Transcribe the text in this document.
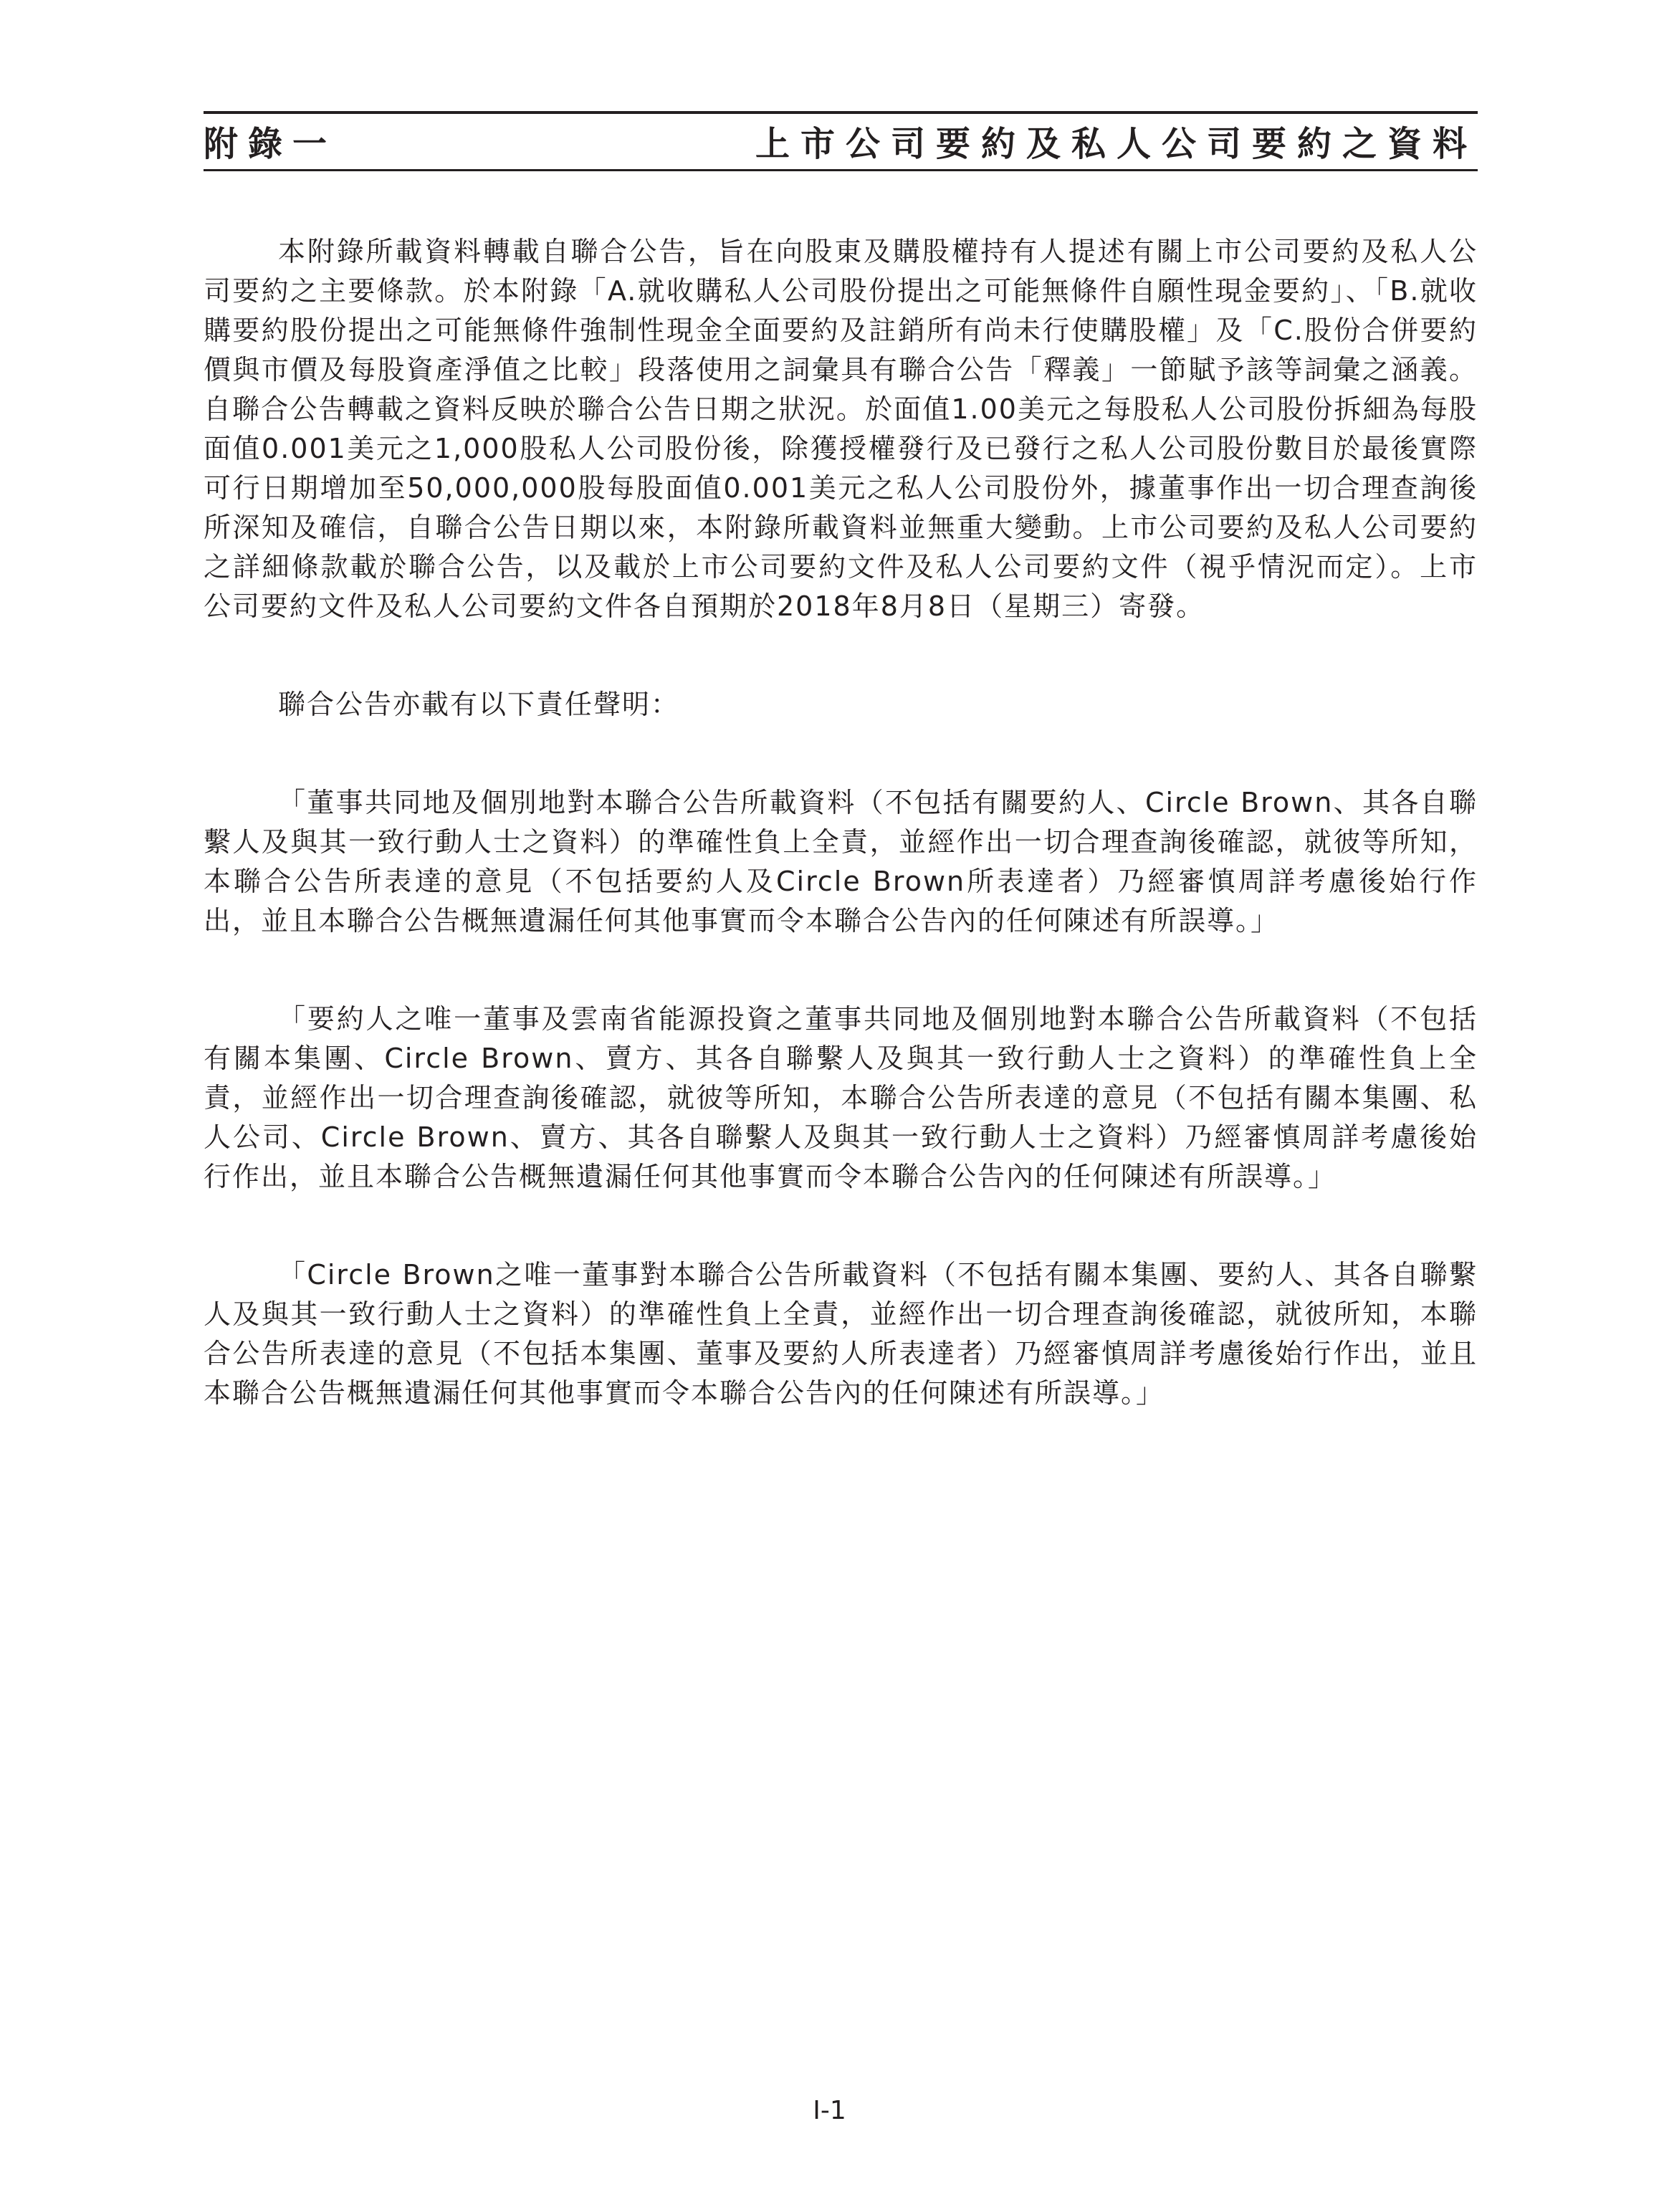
附錄一	上市公司要約及私人公司要約之資料

本附錄所載資料轉載自聯合公告，旨在向股東及購股權持有人提述有關上市公司要約及私人公司要約之主要條款。於本附錄「A.就收購私人公司股份提出之可能無條件自願性現金要約」、「B.就收購要約股份提出之可能無條件強制性現金全面要約及註銷所有尚未行使購股權」及「C.股份合併要約價與市價及每股資產淨值之比較」段落使用之詞彙具有聯合公告「釋義」一節賦予該等詞彙之涵義。自聯合公告轉載之資料反映於聯合公告日期之狀況。於面值1.00美元之每股私人公司股份拆細為每股面值0.001美元之1,000股私人公司股份後，除獲授權發行及已發行之私人公司股份數目於最後實際可行日期增加至50,000,000股每股面值0.001美元之私人公司股份外，據董事作出一切合理查詢後所深知及確信，自聯合公告日期以來，本附錄所載資料並無重大變動。上市公司要約及私人公司要約之詳細條款載於聯合公告，以及載於上市公司要約文件及私人公司要約文件（視乎情況而定）。上市公司要約文件及私人公司要約文件各自預期於2018年8月8日（星期三）寄發。

聯合公告亦載有以下責任聲明：

「董事共同地及個別地對本聯合公告所載資料（不包括有關要約人、Circle Brown、其各自聯繫人及與其一致行動人士之資料）的準確性負上全責，並經作出一切合理查詢後確認，就彼等所知，本聯合公告所表達的意見（不包括要約人及Circle Brown所表達者）乃經審慎周詳考慮後始行作出，並且本聯合公告概無遺漏任何其他事實而令本聯合公告內的任何陳述有所誤導。」

「要約人之唯一董事及雲南省能源投資之董事共同地及個別地對本聯合公告所載資料（不包括有關本集團、Circle Brown、賣方、其各自聯繫人及與其一致行動人士之資料）的準確性負上全責，並經作出一切合理查詢後確認，就彼等所知，本聯合公告所表達的意見（不包括有關本集團、私人公司、Circle Brown、賣方、其各自聯繫人及與其一致行動人士之資料）乃經審慎周詳考慮後始行作出，並且本聯合公告概無遺漏任何其他事實而令本聯合公告內的任何陳述有所誤導。」

「Circle Brown之唯一董事對本聯合公告所載資料（不包括有關本集團、要約人、其各自聯繫人及與其一致行動人士之資料）的準確性負上全責，並經作出一切合理查詢後確認，就彼所知，本聯合公告所表達的意見（不包括本集團、董事及要約人所表達者）乃經審慎周詳考慮後始行作出，並且本聯合公告概無遺漏任何其他事實而令本聯合公告內的任何陳述有所誤導。」

I-1
